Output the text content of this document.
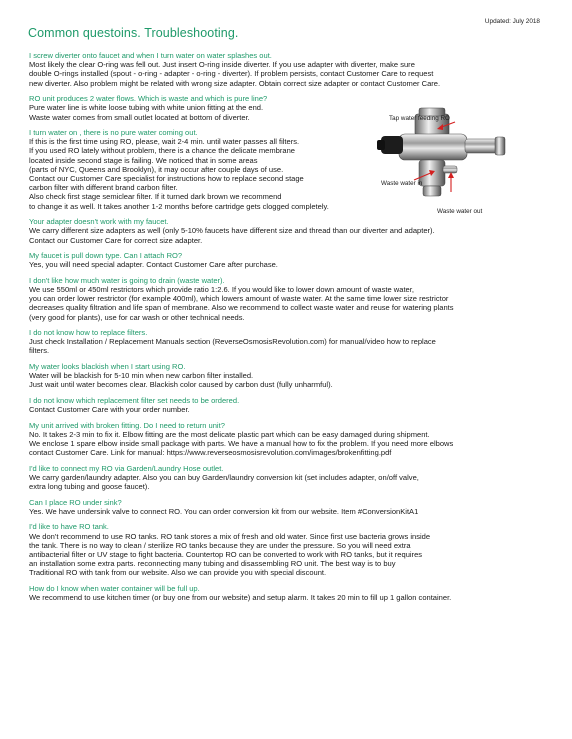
Updated: July 2018
Common questoins. Troubleshooting.
I screw diverter onto faucet and when I turn water on water splashes out.
Most likely the clear O-ring was fell out. Just insert O-ring inside diverter. If you use adapter with diverter, make sure
double O-rings installed (spout - o-ring - adapter - o-ring - diverter). If problem persists, contact Customer Care to request
new diverter. Also problem might be related with wrong size adapter. Obtain correct size adapter or contact Customer Care.
RO unit produces 2 water flows. Which is waste and which is pure line?
Pure water line is white loose tubing with white union fitting at the end.
Waste water comes from small outlet located at bottom of diverter.
I turn water on , there is no pure water coming out.
If this is the first time using RO, please, wait 2-4 min. until water passes all filters.
If you used RO lately without problem, there is a chance the delicate membrane
located inside second stage is failing. We noticed that in some areas
(parts of NYC, Queens and Brooklyn), it may occur after couple days of use.
Contact our Customer Care specialist for instructions how to replace second stage
carbon filter with different brand carbon filter.
Also check first stage semiclear filter. If it turned dark brown we recommend
to change it as well. It takes another 1-2 months before cartridge gets clogged completely.
Your adapter doesn't work with my faucet.
We carry different size adapters as well (only 5-10% faucets have different size and thread than our diverter and adapter).
Contact our Customer Care for correct size adapter.
My faucet is pull down type. Can I attach RO?
Yes, you will need special adapter. Contact Customer Care after purchase.
I don't like how much water is going to drain (waste water).
We use 550ml or 450ml restrictors which provide ratio 1:2.6. If you would like to lower down amount of waste water,
you can order lower restrictor (for example 400ml), which lowers amount of waste water. At the same time lower size restrictor
decreases quality filtration and life span of membrane. Also we recommend to collect waste water and reuse for watering plants
(very good for plants), use for car wash or other technical needs.
I do not know how to replace filters.
Just check Installation / Replacement Manuals section (ReverseOsmosisRevolution.com) for manual/video how to replace
filters.
My water looks blackish when I start using RO.
Water will be blackish for 5-10 min when new carbon filter installed.
Just wait until water becomes clear. Blackish color caused by carbon dust (fully unharmful).
I do not know which replacement filter set needs to be ordered.
Contact Customer Care with your order number.
My unit arrived with broken fitting. Do I need to return unit?
No. It takes 2-3 min to fix it. Elbow fitting are the most delicate plastic part which can be easy damaged during shipment.
We enclose 1 spare elbow inside small package with parts. We have a manual how to fix the problem. If you need more elbows
contact Customer Care. Link for manual: https://www.reverseosmosisrevolution.com/images/brokenfitting.pdf
I'd like to connect my RO via Garden/Laundry Hose outlet.
We carry garden/laundry adapter. Also you can buy Garden/laundry conversion kit (set includes adapter, on/off valve,
extra long tubing and goose faucet).
Can I place RO under sink?
Yes. We have undersink valve to connect RO. You can order conversion kit from our website. Item #ConversionKitA1
I'd like to have RO tank.
We don't recommend to use RO tanks. RO tank stores a mix of fresh and old water. Since first use bacteria grows inside
the tank. There is no way to clean / sterilize RO tanks because they are under the pressure. So you will need extra
antibacterial filter or UV stage to fight bacteria. Countertop RO can be converted to work with RO tanks, but it requires
an installation some extra parts. reconnecting many tubing and disassembling RO unit. The best way is to buy
Traditional RO with tank from our website. Also we can provide you with special discount.
How do I know when water container will be full up.
We recommend to use kitchen timer (or buy one from our website) and setup alarm. It takes 20 min to fill up 1 gallon container.
Tap water feeding RO
Waste water in
Waste water out
